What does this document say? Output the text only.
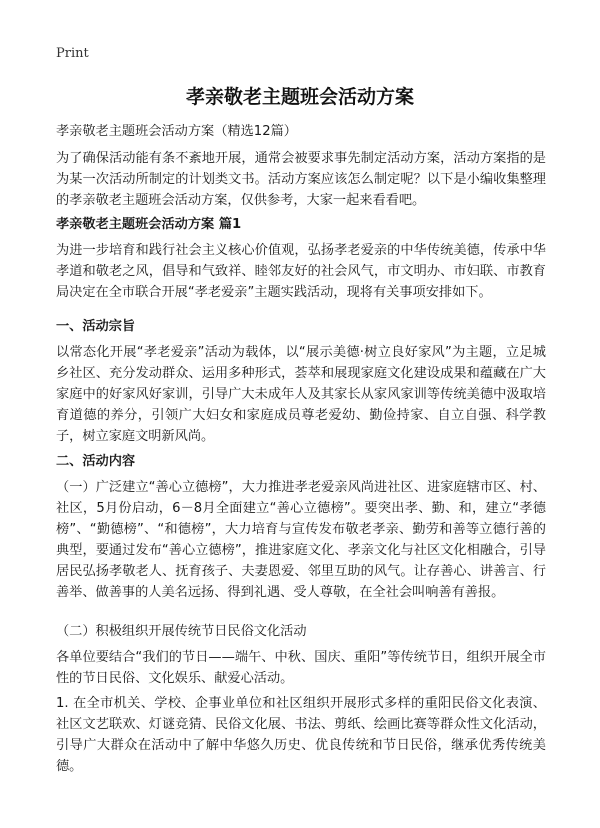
Print
孝亲敬老主题班会活动方案

孝亲敬老主题班会活动方案（精选12篇）

为了确保活动能有条不紊地开展，通常会被要求事先制定活动方案，活动方案指的是为某一次活动所制定的计划类文书。活动方案应该怎么制定呢？以下是小编收集整理的孝亲敬老主题班会活动方案，仅供参考，大家一起来看看吧。

孝亲敬老主题班会活动方案 篇1

为进一步培育和践行社会主义核心价值观，弘扬孝老爱亲的中华传统美德，传承中华孝道和敬老之风，倡导和气致祥、睦邻友好的社会风气，市文明办、市妇联、市教育局决定在全市联合开展“孝老爱亲”主题实践活动，现将有关事项安排如下。

一、活动宗旨

以常态化开展“孝老爱亲”活动为载体，以“展示美德·树立良好家风”为主题，立足城乡社区、充分发动群众、运用多种形式，荟萃和展现家庭文化建设成果和蕴藏在广大家庭中的好家风好家训，引导广大未成年人及其家长从家风家训等传统美德中汲取培育道德的养分，引领广大妇女和家庭成员尊老爱幼、勤俭持家、自立自强、科学教子，树立家庭文明新风尚。

二、活动内容

（一）广泛建立“善心立德榜”，大力推进孝老爱亲风尚进社区、进家庭辖市区、村、社区，5月份启动，6－8月全面建立“善心立德榜”。要突出孝、勤、和，建立“孝德榜”、“勤德榜”、“和德榜”，大力培育与宣传发布敬老孝亲、勤劳和善等立德行善的典型，要通过发布“善心立德榜”，推进家庭文化、孝亲文化与社区文化相融合，引导居民弘扬孝敬老人、抚育孩子、夫妻恩爱、邻里互助的风气。让存善心、讲善言、行善举、做善事的人美名远扬、得到礼遇、受人尊敬，在全社会叫响善有善报。

（二）积极组织开展传统节日民俗文化活动

各单位要结合“我们的节日——端午、中秋、国庆、重阳”等传统节日，组织开展全市性的节日民俗、文化娱乐、献爱心活动。

1. 在全市机关、学校、企事业单位和社区组织开展形式多样的重阳民俗文化表演、社区文艺联欢、灯谜竞猜、民俗文化展、书法、剪纸、绘画比赛等群众性文化活动，引导广大群众在活动中了解中华悠久历史、优良传统和节日民俗，继承优秀传统美德。
